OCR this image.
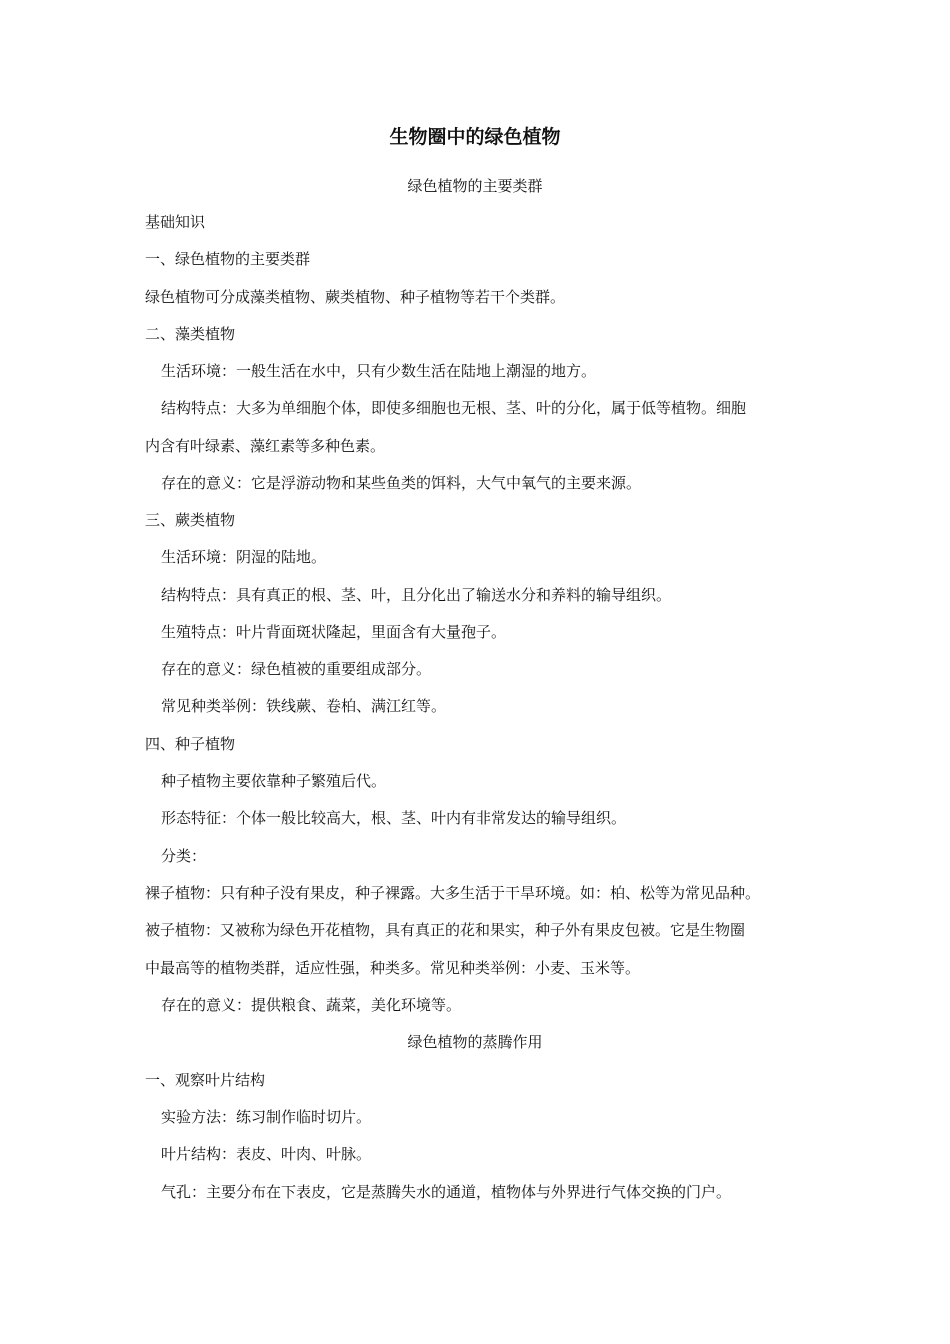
生物圈中的绿色植物
绿色植物的主要类群
基础知识
一、绿色植物的主要类群
绿色植物可分成藻类植物、蕨类植物、种子植物等若干个类群。
二、藻类植物
生活环境：一般生活在水中，只有少数生活在陆地上潮湿的地方。
结构特点：大多为单细胞个体，即使多细胞也无根、茎、叶的分化，属于低等植物。细胞
内含有叶绿素、藻红素等多种色素。
存在的意义：它是浮游动物和某些鱼类的饵料，大气中氧气的主要来源。
三、蕨类植物
生活环境：阴湿的陆地。
结构特点：具有真正的根、茎、叶，且分化出了输送水分和养料的输导组织。
生殖特点：叶片背面斑状隆起，里面含有大量孢子。
存在的意义：绿色植被的重要组成部分。
常见种类举例：铁线蕨、卷柏、满江红等。
四、种子植物
种子植物主要依靠种子繁殖后代。
形态特征：个体一般比较高大，根、茎、叶内有非常发达的输导组织。
分类：
裸子植物：只有种子没有果皮，种子裸露。大多生活于干旱环境。如：柏、松等为常见品种。
被子植物：又被称为绿色开花植物，具有真正的花和果实，种子外有果皮包被。它是生物圈
中最高等的植物类群，适应性强，种类多。常见种类举例：小麦、玉米等。
存在的意义：提供粮食、蔬菜，美化环境等。
绿色植物的蒸腾作用
一、观察叶片结构
实验方法：练习制作临时切片。
叶片结构：表皮、叶肉、叶脉。
气孔：主要分布在下表皮，它是蒸腾失水的通道，植物体与外界进行气体交换的门户。
